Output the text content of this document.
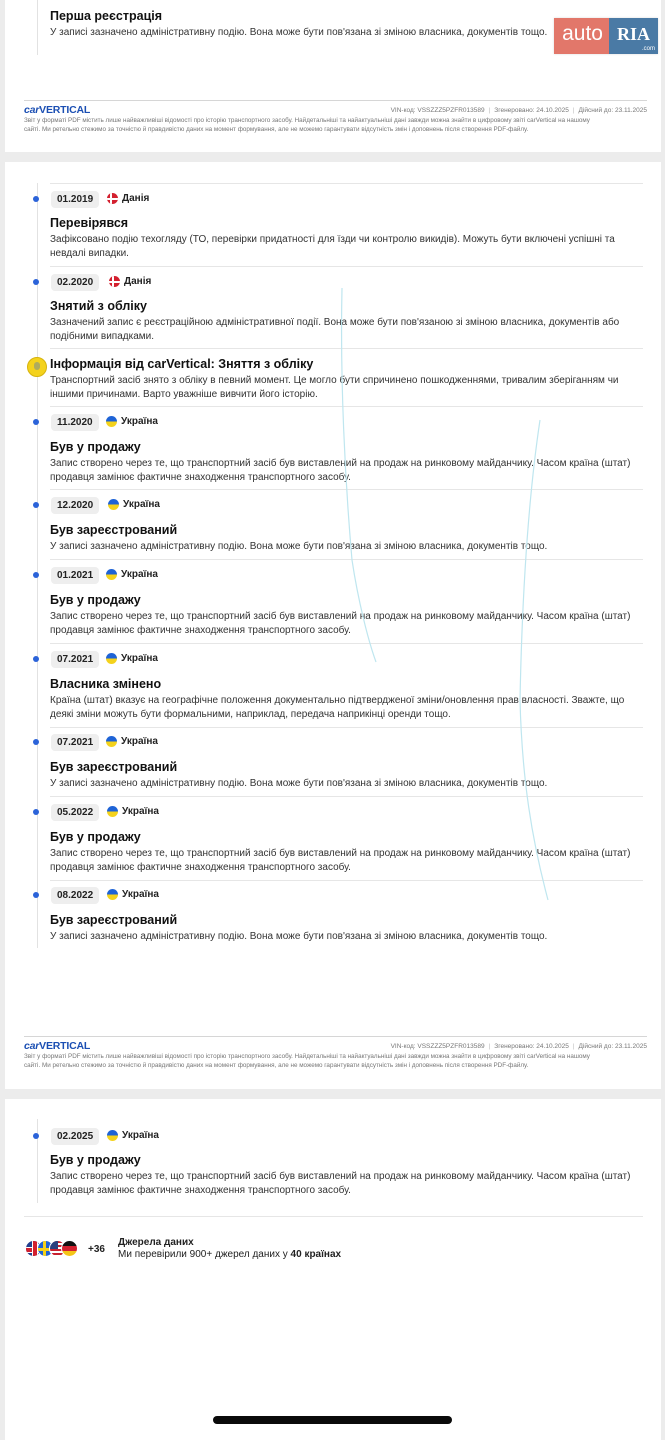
Перша реєстрація
У записі зазначено адміністративну подію. Вона може бути пов'язана зі зміною власника, документів тощо.
carVERTICAL	VIN-код: VSSZZZ5PZFR013589 | Згенеровано: 24.10.2025 | Дійсний до: 23.11.2025
Звіт у форматі PDF містить лише найважливіші відомості про історію транспортного засобу. Найдетальніші та найактуальніші дані завжди можна знайти в цифровому звіті carVertical на нашому
сайті. Ми ретельно стежимо за точністю й правдивістю даних на момент формування, але не можемо гарантувати відсутність змін і доповнень після створення PDF-файлу.
auto RIA
.com
01.2019	Данія
Перевірявся
Зафіксовано подію техогляду (ТО, перевірки придатності для їзди чи контролю викидів). Можуть бути включені успішні та
невдалі випадки.
02.2020	Данія
Знятий з обліку
Зазначений запис є реєстраційною адміністративної події. Вона може бути пов'язаною зі зміною власника, документів або
подібними випадками.
Інформація від carVertical: Зняття з обліку
Транспортний засіб знято з обліку в певний момент. Це могло бути спричинено пошкодженнями, тривалим зберіганням чи
іншими причинами. Варто уважніше вивчити його історію.
11.2020	Україна
Був у продажу
Запис створено через те, що транспортний засіб був виставлений на продаж на ринковому майданчику. Часом країна (штат)
продавця замінює фактичне знаходження транспортного засобу.
12.2020	Україна
Був зареєстрований
У записі зазначено адміністративну подію. Вона може бути пов'язана зі зміною власника, документів тощо.
01.2021	Україна
Був у продажу
Запис створено через те, що транспортний засіб був виставлений на продаж на ринковому майданчику. Часом країна (штат)
продавця замінює фактичне знаходження транспортного засобу.
07.2021	Україна
Власника змінено
Країна (штат) вказує на географічне положення документально підтвердженої зміни/оновлення прав власності. Зважте, що
деякі зміни можуть бути формальними, наприклад, передача наприкінці оренди тощо.
07.2021	Україна
Був зареєстрований
У записі зазначено адміністративну подію. Вона може бути пов'язана зі зміною власника, документів тощо.
05.2022	Україна
Був у продажу
Запис створено через те, що транспортний засіб був виставлений на продаж на ринковому майданчику. Часом країна (штат)
продавця замінює фактичне знаходження транспортного засобу.
08.2022	Україна
Був зареєстрований
У записі зазначено адміністративну подію. Вона може бути пов'язана зі зміною власника, документів тощо.
carVERTICAL	VIN-код: VSSZZZ5PZFR013589 | Згенеровано: 24.10.2025 | Дійсний до: 23.11.2025
Звіт у форматі PDF містить лише найважливіші відомості про історію транспортного засобу. Найдетальніші та найактуальніші дані завжди можна знайти в цифровому звіті carVertical на нашому
сайті. Ми ретельно стежимо за точністю й правдивістю даних на момент формування, але не можемо гарантувати відсутність змін і доповнень після створення PDF-файлу.
02.2025	Україна
Був у продажу
Запис створено через те, що транспортний засіб був виставлений на продаж на ринковому майданчику. Часом країна (штат)
продавця замінює фактичне знаходження транспортного засобу.
+36
Джерела даних
Ми перевірили 900+ джерел даних у 40 країнах
